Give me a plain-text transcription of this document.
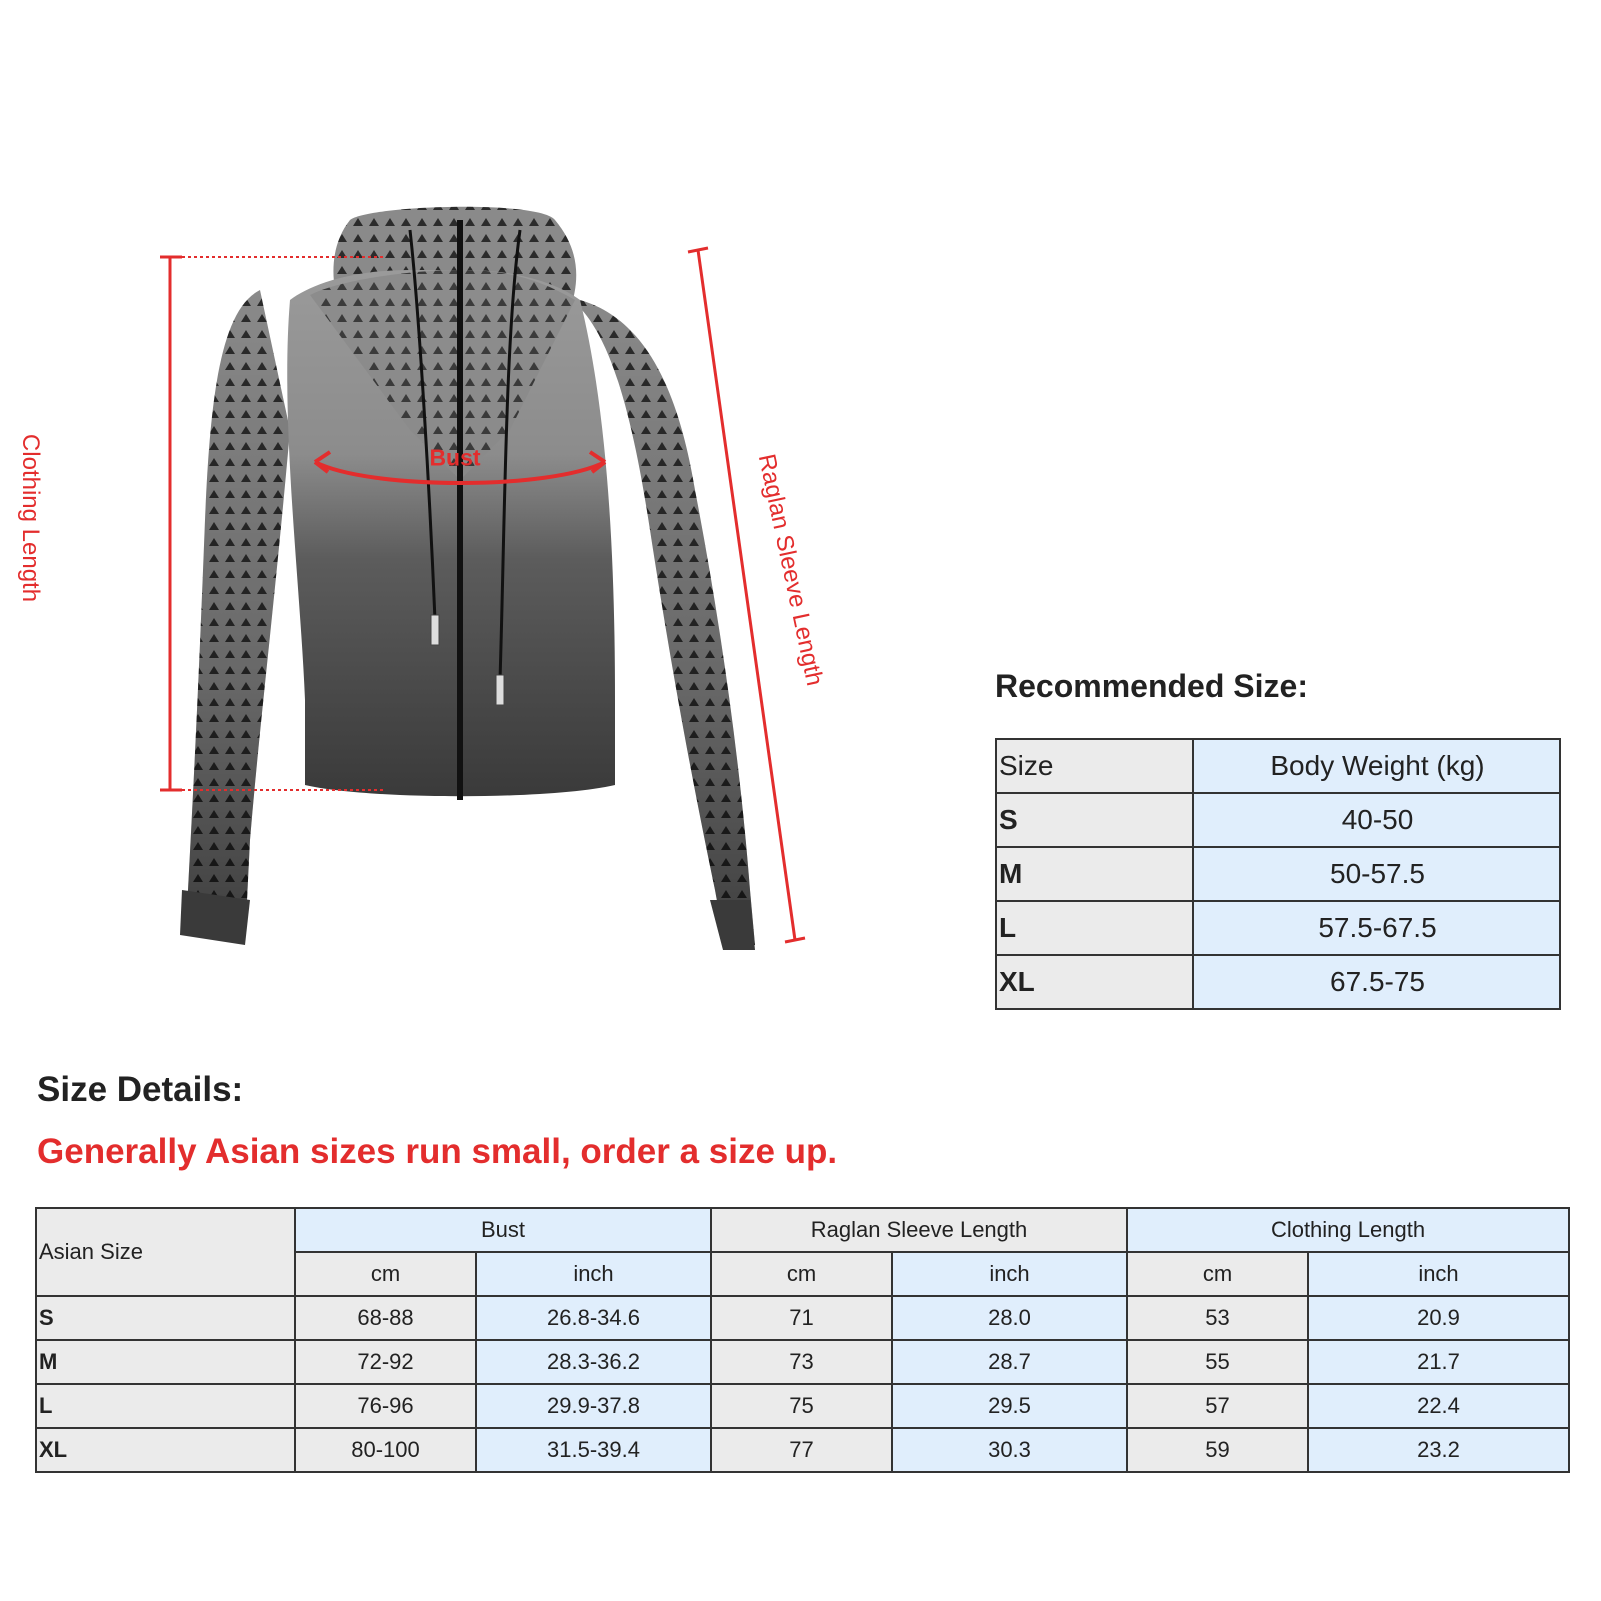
Clothing Length	Raglan Sleeve Length
Bust
Recommended Size:
Size	Body Weight (kg)
S	40-50
M	50-57.5
L	57.5-67.5
XL	67.5-75
Size Details:
Generally Asian sizes run small, order a size up.
Asian Size	Bust		Raglan Sleeve Length		Clothing Length	
	cm	inch	cm	inch	cm	inch
S	68-88	26.8-34.6	71	28.0	53	20.9
M	72-92	28.3-36.2	73	28.7	55	21.7
L	76-96	29.9-37.8	75	29.5	57	22.4
XL	80-100	31.5-39.4	77	30.3	59	23.2
